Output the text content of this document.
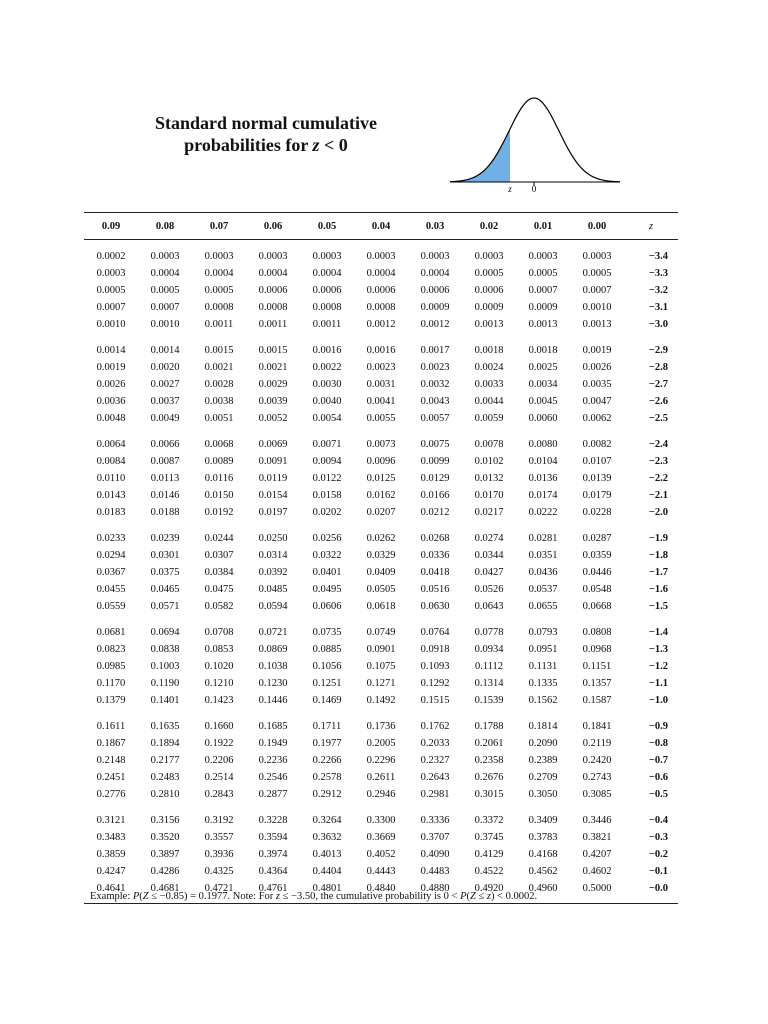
Standard normal cumulative
probabilities for z < 0
z 0
0.09	0.08	0.07	0.06	0.05	0.04	0.03	0.02	0.01	0.00	z
0.0002	0.0003	0.0003	0.0003	0.0003	0.0003	0.0003	0.0003	0.0003	0.0003	−3.4
0.0003	0.0004	0.0004	0.0004	0.0004	0.0004	0.0004	0.0005	0.0005	0.0005	−3.3
0.0005	0.0005	0.0005	0.0006	0.0006	0.0006	0.0006	0.0006	0.0007	0.0007	−3.2
0.0007	0.0007	0.0008	0.0008	0.0008	0.0008	0.0009	0.0009	0.0009	0.0010	−3.1
0.0010	0.0010	0.0011	0.0011	0.0011	0.0012	0.0012	0.0013	0.0013	0.0013	−3.0
0.0014	0.0014	0.0015	0.0015	0.0016	0.0016	0.0017	0.0018	0.0018	0.0019	−2.9
0.0019	0.0020	0.0021	0.0021	0.0022	0.0023	0.0023	0.0024	0.0025	0.0026	−2.8
0.0026	0.0027	0.0028	0.0029	0.0030	0.0031	0.0032	0.0033	0.0034	0.0035	−2.7
0.0036	0.0037	0.0038	0.0039	0.0040	0.0041	0.0043	0.0044	0.0045	0.0047	−2.6
0.0048	0.0049	0.0051	0.0052	0.0054	0.0055	0.0057	0.0059	0.0060	0.0062	−2.5
0.0064	0.0066	0.0068	0.0069	0.0071	0.0073	0.0075	0.0078	0.0080	0.0082	−2.4
0.0084	0.0087	0.0089	0.0091	0.0094	0.0096	0.0099	0.0102	0.0104	0.0107	−2.3
0.0110	0.0113	0.0116	0.0119	0.0122	0.0125	0.0129	0.0132	0.0136	0.0139	−2.2
0.0143	0.0146	0.0150	0.0154	0.0158	0.0162	0.0166	0.0170	0.0174	0.0179	−2.1
0.0183	0.0188	0.0192	0.0197	0.0202	0.0207	0.0212	0.0217	0.0222	0.0228	−2.0
0.0233	0.0239	0.0244	0.0250	0.0256	0.0262	0.0268	0.0274	0.0281	0.0287	−1.9
0.0294	0.0301	0.0307	0.0314	0.0322	0.0329	0.0336	0.0344	0.0351	0.0359	−1.8
0.0367	0.0375	0.0384	0.0392	0.0401	0.0409	0.0418	0.0427	0.0436	0.0446	−1.7
0.0455	0.0465	0.0475	0.0485	0.0495	0.0505	0.0516	0.0526	0.0537	0.0548	−1.6
0.0559	0.0571	0.0582	0.0594	0.0606	0.0618	0.0630	0.0643	0.0655	0.0668	−1.5
0.0681	0.0694	0.0708	0.0721	0.0735	0.0749	0.0764	0.0778	0.0793	0.0808	−1.4
0.0823	0.0838	0.0853	0.0869	0.0885	0.0901	0.0918	0.0934	0.0951	0.0968	−1.3
0.0985	0.1003	0.1020	0.1038	0.1056	0.1075	0.1093	0.1112	0.1131	0.1151	−1.2
0.1170	0.1190	0.1210	0.1230	0.1251	0.1271	0.1292	0.1314	0.1335	0.1357	−1.1
0.1379	0.1401	0.1423	0.1446	0.1469	0.1492	0.1515	0.1539	0.1562	0.1587	−1.0
0.1611	0.1635	0.1660	0.1685	0.1711	0.1736	0.1762	0.1788	0.1814	0.1841	−0.9
0.1867	0.1894	0.1922	0.1949	0.1977	0.2005	0.2033	0.2061	0.2090	0.2119	−0.8
0.2148	0.2177	0.2206	0.2236	0.2266	0.2296	0.2327	0.2358	0.2389	0.2420	−0.7
0.2451	0.2483	0.2514	0.2546	0.2578	0.2611	0.2643	0.2676	0.2709	0.2743	−0.6
0.2776	0.2810	0.2843	0.2877	0.2912	0.2946	0.2981	0.3015	0.3050	0.3085	−0.5
0.3121	0.3156	0.3192	0.3228	0.3264	0.3300	0.3336	0.3372	0.3409	0.3446	−0.4
0.3483	0.3520	0.3557	0.3594	0.3632	0.3669	0.3707	0.3745	0.3783	0.3821	−0.3
0.3859	0.3897	0.3936	0.3974	0.4013	0.4052	0.4090	0.4129	0.4168	0.4207	−0.2
0.4247	0.4286	0.4325	0.4364	0.4404	0.4443	0.4483	0.4522	0.4562	0.4602	−0.1
0.4641	0.4681	0.4721	0.4761	0.4801	0.4840	0.4880	0.4920	0.4960	0.5000	−0.0
Example: P(Z ≤ −0.85) = 0.1977. Note: For z ≤ −3.50, the cumulative probability is 0 < P(Z ≤ z) < 0.0002.
